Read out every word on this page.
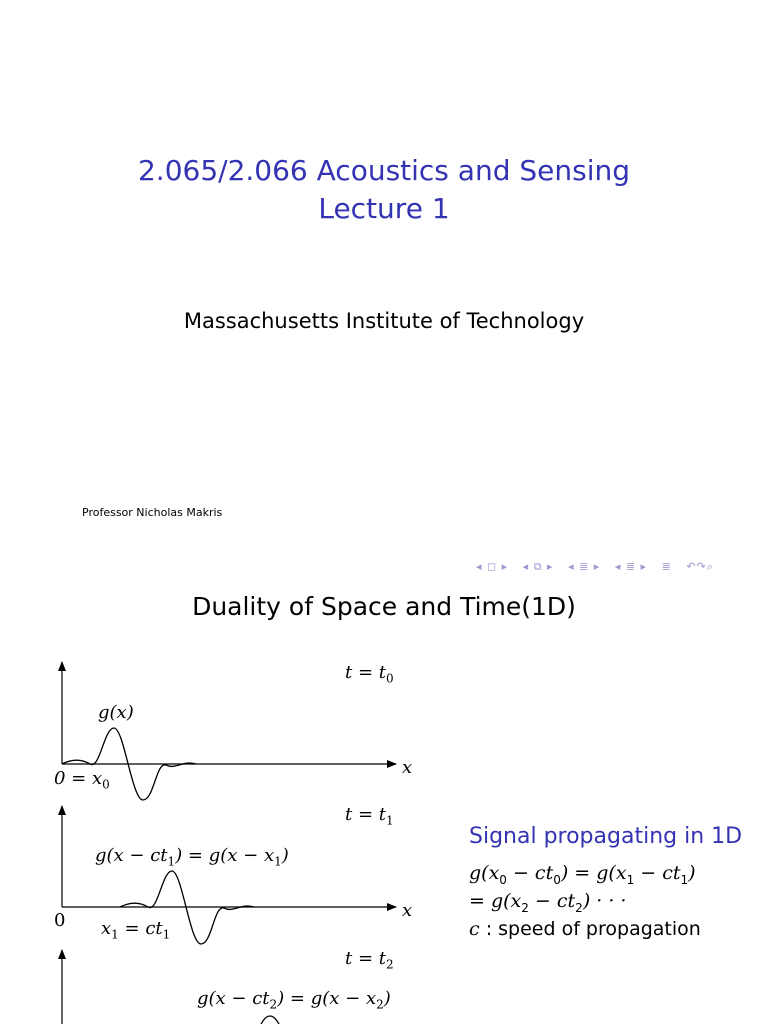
2.065/2.066 Acoustics and Sensing
Lecture 1
Massachusetts Institute of Technology
Professor Nicholas Makris
◂ ◻ ▸ ◂ ⧉ ▸ ◂ ≣ ▸ ◂ ≣ ▸ ≣ ↶↷⌕
Duality of Space and Time(1D)
$t = t_0$
g(x)
$0 = x_0$
x
$t = t_1$
$g(x - ct_1) = g(x - x_1)$
0 $x_1 = ct_1$
x
$t = t_2$
$g(x - ct_2) = g(x - x_2)$
Signal propagating in 1D
$g(x_0 - ct_0) = g(x_1 - ct_1)$
= $g(x_2 - ct_2)$ · · ·
c : speed of propagation
